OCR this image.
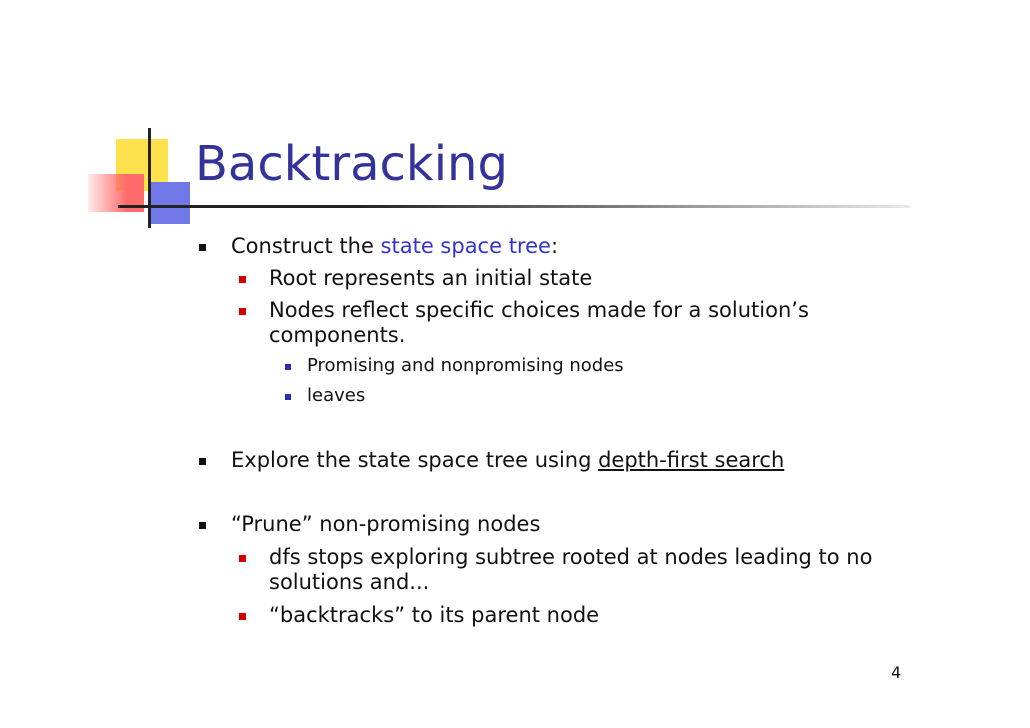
Backtracking
Construct the state space tree:
Root represents an initial state
Nodes reflect specific choices made for a solution’s
components.
Promising and nonpromising nodes
leaves
Explore the state space tree using depth-first search
“Prune” non-promising nodes
dfs stops exploring subtree rooted at nodes leading to no
solutions and...
“backtracks” to its parent node
4
